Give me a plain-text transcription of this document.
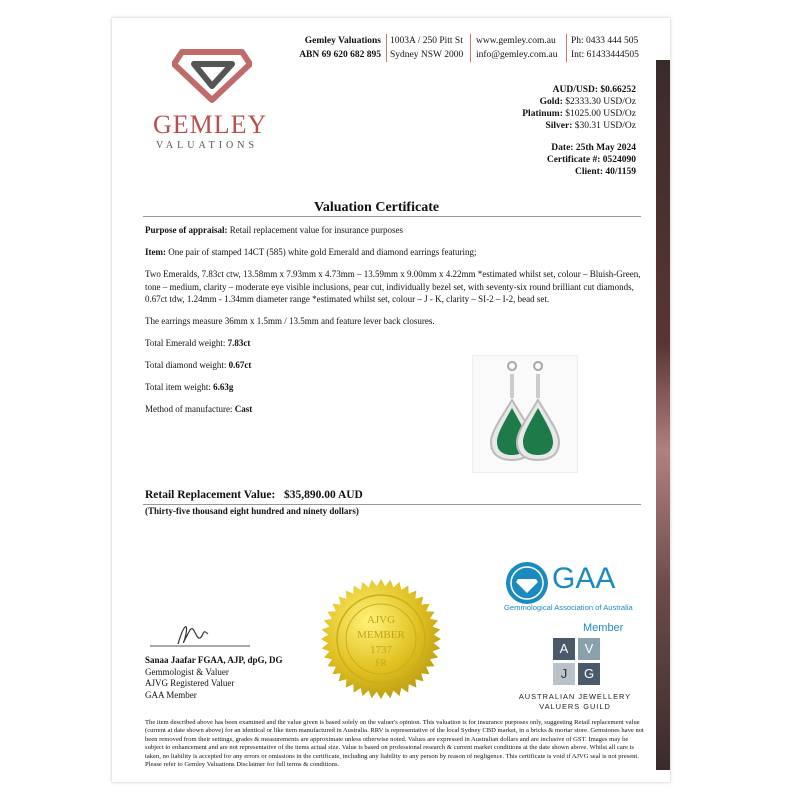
GEMLEY
VALUATIONS
Gemley Valuations
ABN 69 620 682 895
1003A / 250 Pitt St
Sydney NSW 2000
www.gemley.com.au
info@gemley.com.au
Ph: 0433 444 505
Int: 61433444505
AUD/USD: $0.66252
Gold: $2333.30 USD/Oz
Platinum: $1025.00 USD/Oz
Silver: $30.31 USD/Oz
Date: 25th May 2024
Certificate #: 0524090
Client: 40/1159
Valuation Certificate
Purpose of appraisal: Retail replacement value for insurance purposes
Item: One pair of stamped 14CT (585) white gold Emerald and diamond earrings featuring;
Two Emeralds, 7.83ct ctw, 13.58mm x 7.93mm x 4.73mm – 13.59mm x 9.00mm x 4.22mm *estimated whilst set, colour – Bluish-Green, tone – medium, clarity – moderate eye visible inclusions, pear cut, individually bezel set, with seventy-six round brilliant cut diamonds, 0.67ct tdw, 1.24mm - 1.34mm diameter range *estimated whilst set, colour – J - K, clarity – SI-2 – I-2, bead set.
The earrings measure 36mm x 1.5mm / 13.5mm and feature lever back closures.
Total Emerald weight: 7.83ct
Total diamond weight: 0.67ct
Total item weight: 6.63g
Method of manufacture: Cast
Retail Replacement Value: $35,890.00 AUD
(Thirty-five thousand eight hundred and ninety dollars)
Sanaa Jaafar FGAA, AJP, dpG, DG
Gemmologist & Valuer
AJVG Registered Valuer
GAA Member
AJVG
MEMBER
1737
FR
GAA
Gemmological Association of Australia
Member
A	V
J	G
AUSTRALIAN JEWELLERY
VALUERS GUILD
The item described above has been examined and the value given is based solely on the valuer's opinion. This valuation is for insurance purposes only, suggesting Retail replacement value (current at date shown above) for an identical or like item manufactured in Australia. RRV is representative of the local Sydney CBD market, in a bricks & mortar store. Gemstones have not been removed from their settings, grades & measurements are approximate unless otherwise noted. Values are expressed in Australian dollars and are inclusive of GST. Images may be subject to enhancement and are not representative of the items actual size. Value is based on professional research & current market conditions at the date shown above. Whilst all care is taken, no liability is accepted for any errors or omissions in the certificate, including any liability to any person by reason of negligence. This certificate is void if AJVG seal is not present. Please refer to Gemley Valuations Disclaimer for full terms & conditions.
